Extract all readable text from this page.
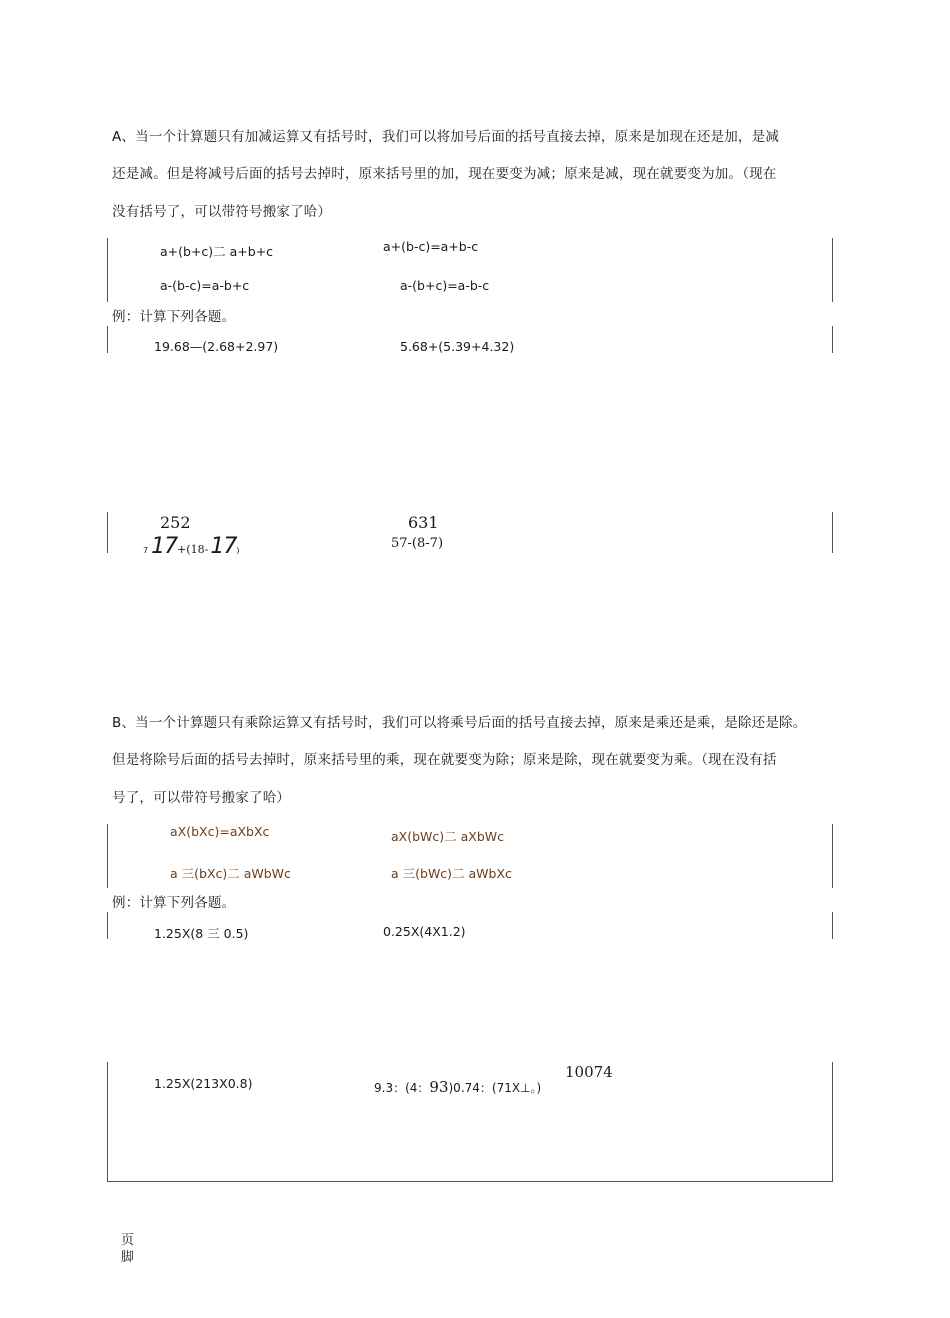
A、当一个计算题只有加减运算又有括号时，我们可以将加号后面的括号直接去掉，原来是加现在还是加，是减
还是减。但是将减号后面的括号去掉时，原来括号里的加，现在要变为减；原来是减，现在就要变为加。（现在
没有括号了，可以带符号搬家了哈）
a+(b+c)二 a+b+c	a+(b-c)=a+b-c
a-(b-c)=a-b+c	a-(b+c)=a-b-c
例：计算下列各题。
19.68—(2.68+2.97)	5.68+(5.39+4.32)
252
7 17+(18-17)
631
57-(8-7)
B、当一个计算题只有乘除运算又有括号时，我们可以将乘号后面的括号直接去掉，原来是乘还是乘，是除还是除。
但是将除号后面的括号去掉时，原来括号里的乘，现在就要变为除；原来是除，现在就要变为乘。（现在没有括
号了，可以带符号搬家了哈）
aX(bXc)=aXbXc	aX(bWc)二 aXbWc
a 三(bXc)二 aWbWc	a 三(bWc)二 aWbXc
例：计算下列各题。
1.25X(8 三 0.5)	0.25X(4X1.2)
1.25X(213X0.8)
10074
9.3：(4：93)0.74：(71X⊥。)
页
脚
